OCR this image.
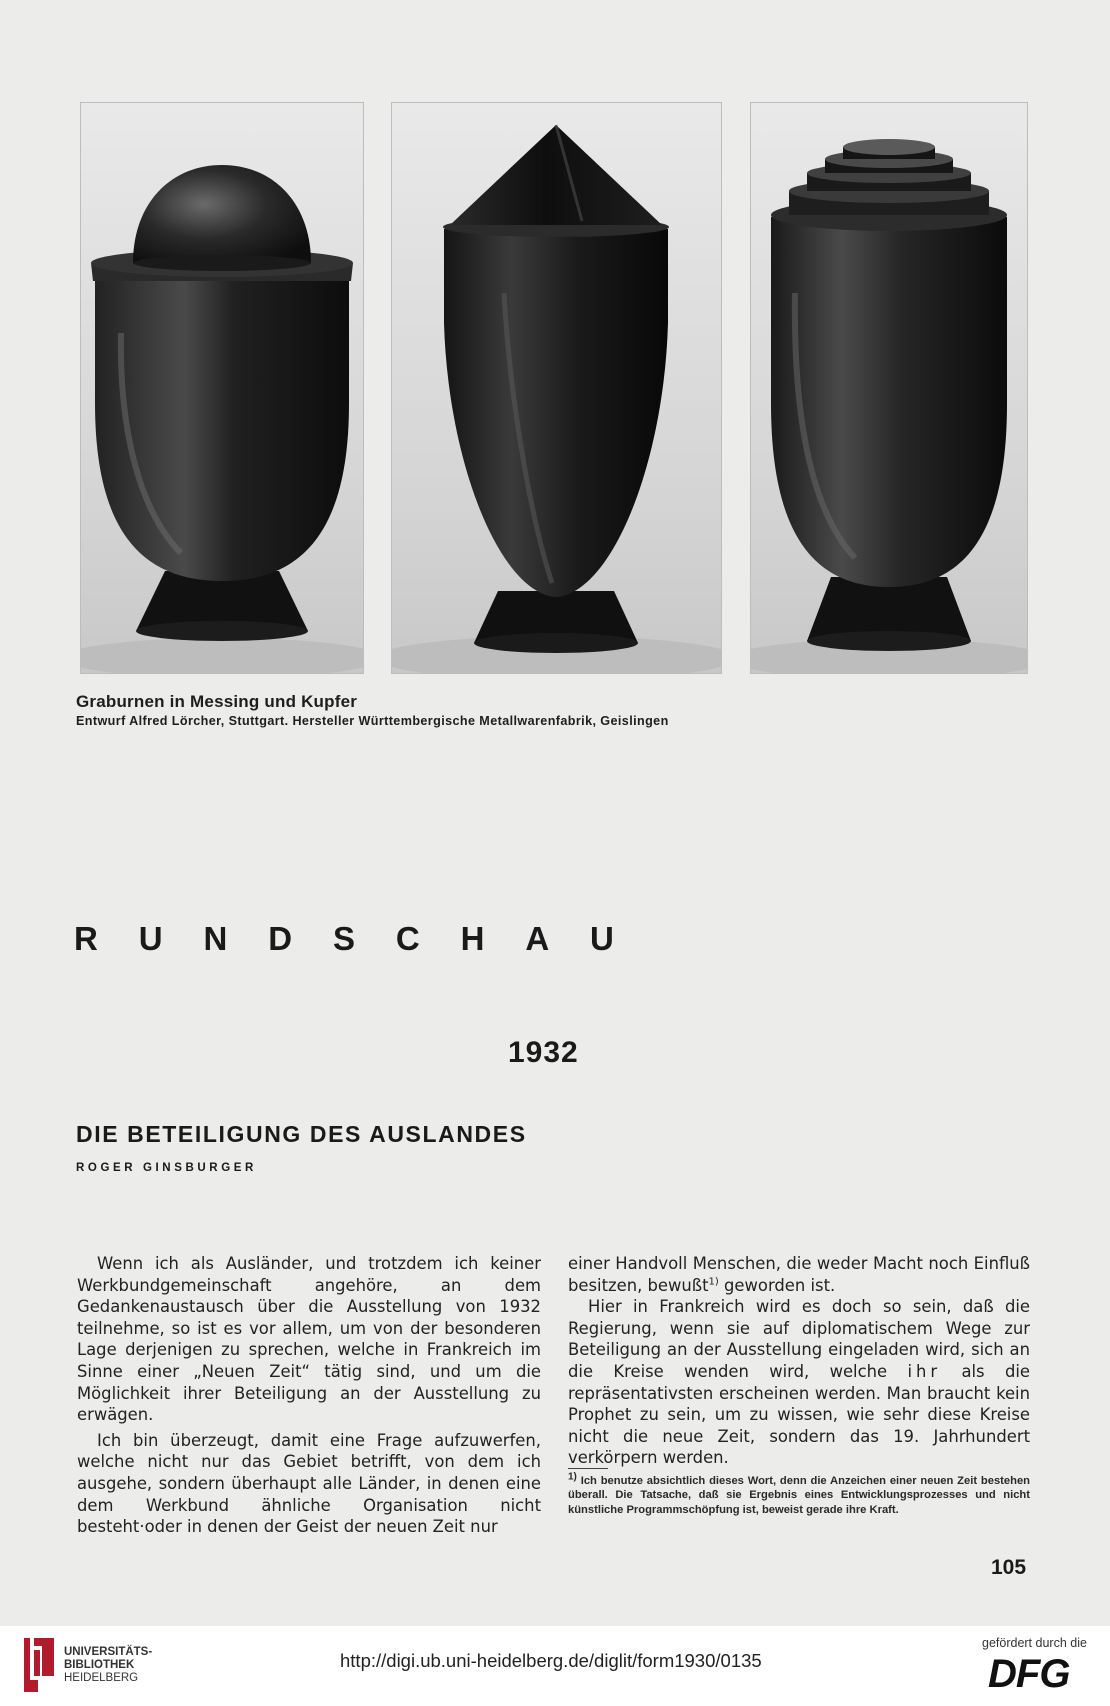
Graburnen in Messing und Kupfer
Entwurf Alfred Lörcher, Stuttgart. Hersteller Württembergische Metallwarenfabrik, Geislingen
R U N D S C H A U
1932
DIE BETEILIGUNG DES AUSLANDES
ROGER GINSBURGER

Wenn ich als Ausländer, und trotzdem ich keiner Werkbundgemeinschaft angehöre, an dem Gedankenaustausch über die Ausstellung von 1932 teilnehme, so ist es vor allem, um von der besonderen Lage derjenigen zu sprechen, welche in Frankreich im Sinne einer „Neuen Zeit“ tätig sind, und um die Möglichkeit ihrer Beteiligung an der Ausstellung zu erwägen.

Ich bin überzeugt, damit eine Frage aufzuwerfen, welche nicht nur das Gebiet betrifft, von dem ich ausgehe, sondern überhaupt alle Länder, in denen eine dem Werkbund ähnliche Organisation nicht besteht·oder in denen der Geist der neuen Zeit nur

einer Handvoll Menschen, die weder Macht noch Einfluß besitzen, bewußt$^{1)}$ geworden ist.

Hier in Frankreich wird es doch so sein, daß die Regierung, wenn sie auf diplomatischem Wege zur Beteiligung an der Ausstellung eingeladen wird, sich an die Kreise wenden wird, welche ihr als die repräsentativsten erscheinen werden. Man braucht kein Prophet zu sein, um zu wissen, wie sehr diese Kreise nicht die neue Zeit, sondern das 19. Jahrhundert verkörpern werden.

$^{1)}$ Ich benutze absichtlich dieses Wort, denn die Anzeichen einer neuen Zeit bestehen überall. Die Tatsache, daß sie Ergebnis eines Entwicklungsprozesses und nicht künstliche Programmschöpfung ist, beweist gerade ihre Kraft.
105
UNIVERSITÄTS-
BIBLIOTHEK
HEIDELBERG
http://digi.ub.uni-heidelberg.de/diglit/form1930/0135
gefördert durch die
DFG
